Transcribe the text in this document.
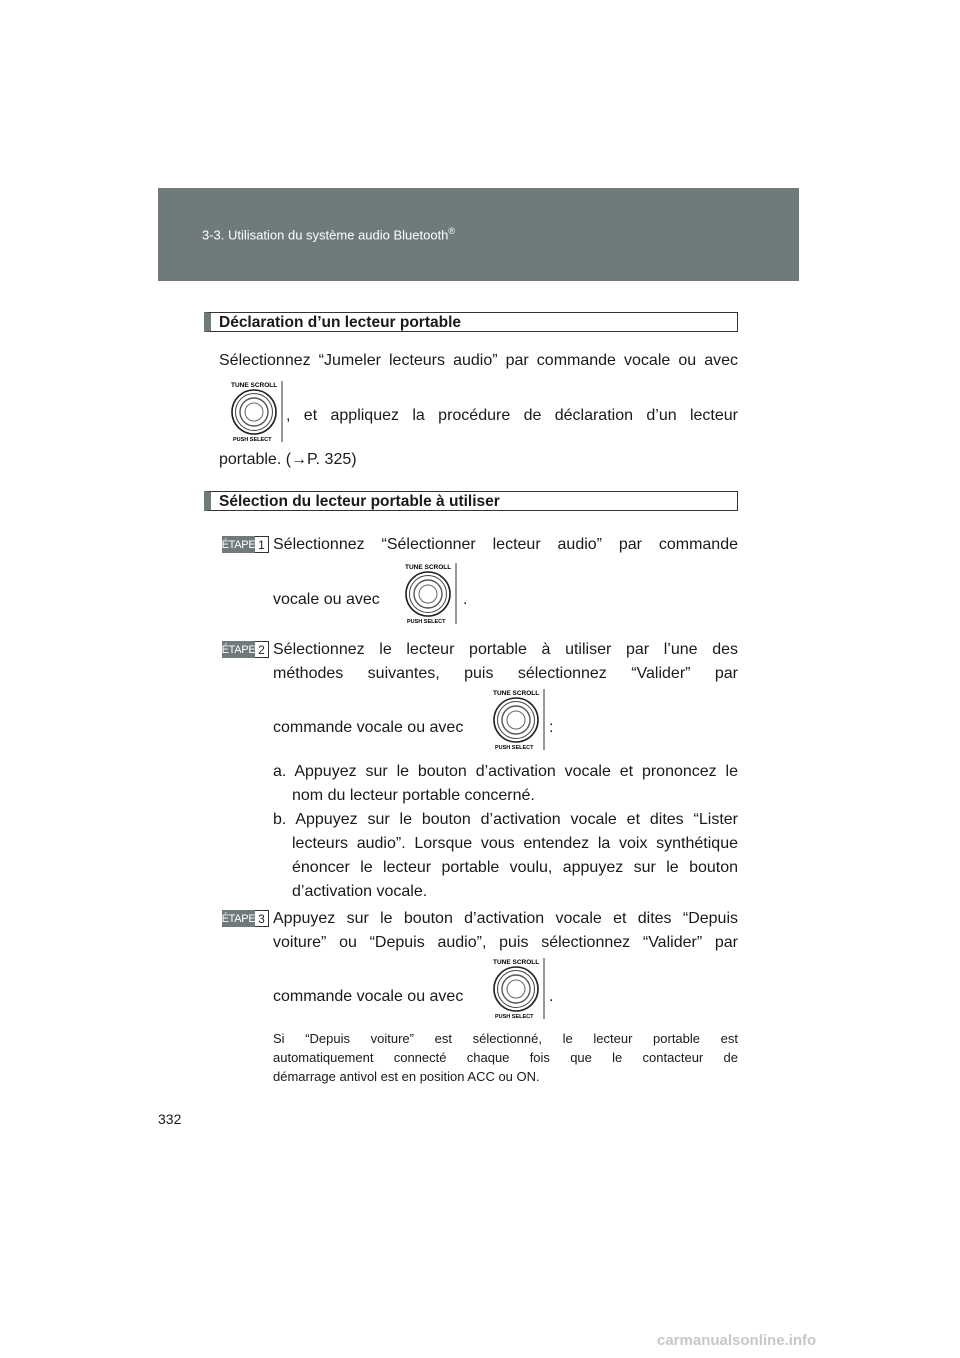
3-3. Utilisation du système audio Bluetooth®
Déclaration d’un lecteur portable
Sélectionnez “Jumeler lecteurs audio” par commande vocale ou avec
TUNE SCROLL
PUSH SELECT
, et appliquez la procédure de déclaration d’un lecteur
portable. (→P. 325)
Sélection du lecteur portable à utiliser
ÉTAPE 1 Sélectionnez “Sélectionner lecteur audio” par commande
vocale ou avec
TUNE SCROLL
PUSH SELECT
.
ÉTAPE 2 Sélectionnez le lecteur portable à utiliser par l’une des
méthodes suivantes, puis sélectionnez “Valider” par
commande vocale ou avec
TUNE SCROLL
PUSH SELECT
:
a. Appuyez sur le bouton d’activation vocale et prononcez le
nom du lecteur portable concerné.
b. Appuyez sur le bouton d’activation vocale et dites “Lister
lecteurs audio”. Lorsque vous entendez la voix synthétique
énoncer le lecteur portable voulu, appuyez sur le bouton
d’activation vocale.
ÉTAPE 3 Appuyez sur le bouton d’activation vocale et dites “Depuis
voiture” ou “Depuis audio”, puis sélectionnez “Valider” par
commande vocale ou avec
TUNE SCROLL
PUSH SELECT
.
Si “Depuis voiture” est sélectionné, le lecteur portable est
automatiquement connecté chaque fois que le contacteur de
démarrage antivol est en position ACC ou ON.
332
carmanualsonline.info
